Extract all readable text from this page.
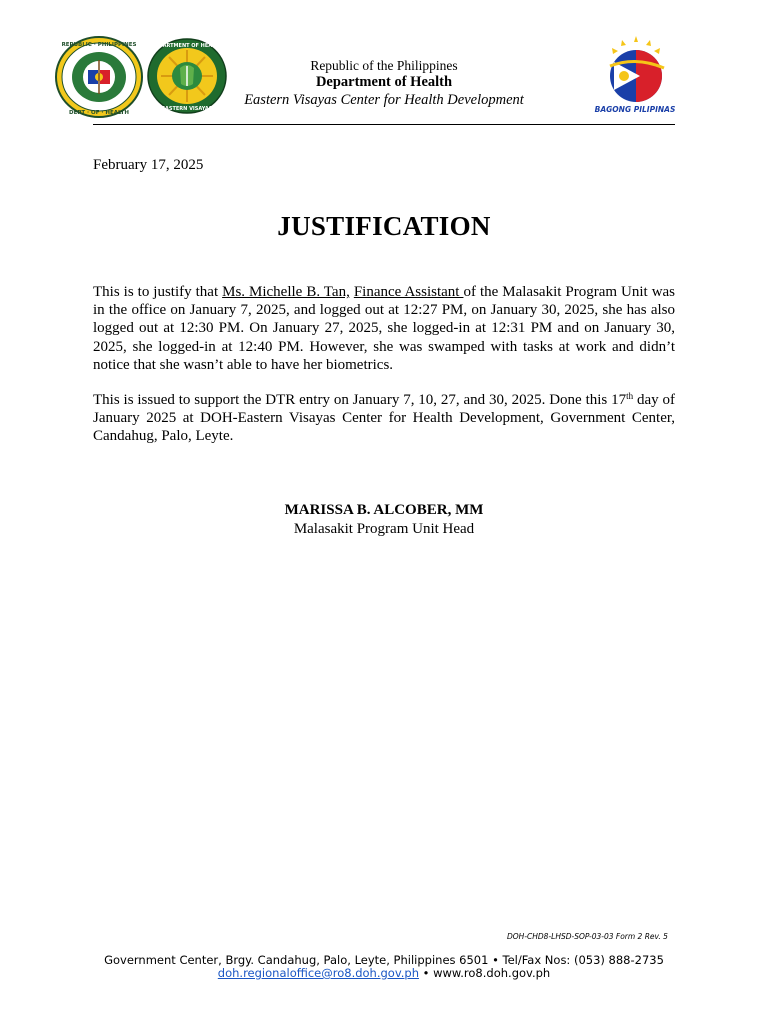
REPUBLIC · PHILIPPINES
DEPT · OF · HEALTH
DEPARTMENT OF HEALTH
EASTERN VISAYAS
Republic of the Philippines
Department of Health
Eastern Visayas Center for Health Development
BAGONG PILIPINAS
February 17, 2025
JUSTIFICATION
This is to justify that Ms. Michelle B. Tan, Finance Assistant of the Malasakit Program Unit was in the office on January 7, 2025, and logged out at 12:27 PM, on January 30, 2025, she has also logged out at 12:30 PM. On January 27, 2025, she logged-in at 12:31 PM and on January 30, 2025, she logged-in at 12:40 PM. However, she was swamped with tasks at work and didn’t notice that she wasn’t able to have her biometrics.
This is issued to support the DTR entry on January 7, 10, 27, and 30, 2025. Done this 17th day of January 2025 at DOH-Eastern Visayas Center for Health Development, Government Center, Candahug, Palo, Leyte.
MARISSA B. ALCOBER, MM
Malasakit Program Unit Head
DOH-CHD8-LHSD-SOP-03-03 Form 2 Rev. 5
Government Center, Brgy. Candahug, Palo, Leyte, Philippines 6501 • Tel/Fax Nos: (053) 888-2735
doh.regionaloffice@ro8.doh.gov.ph • www.ro8.doh.gov.ph
